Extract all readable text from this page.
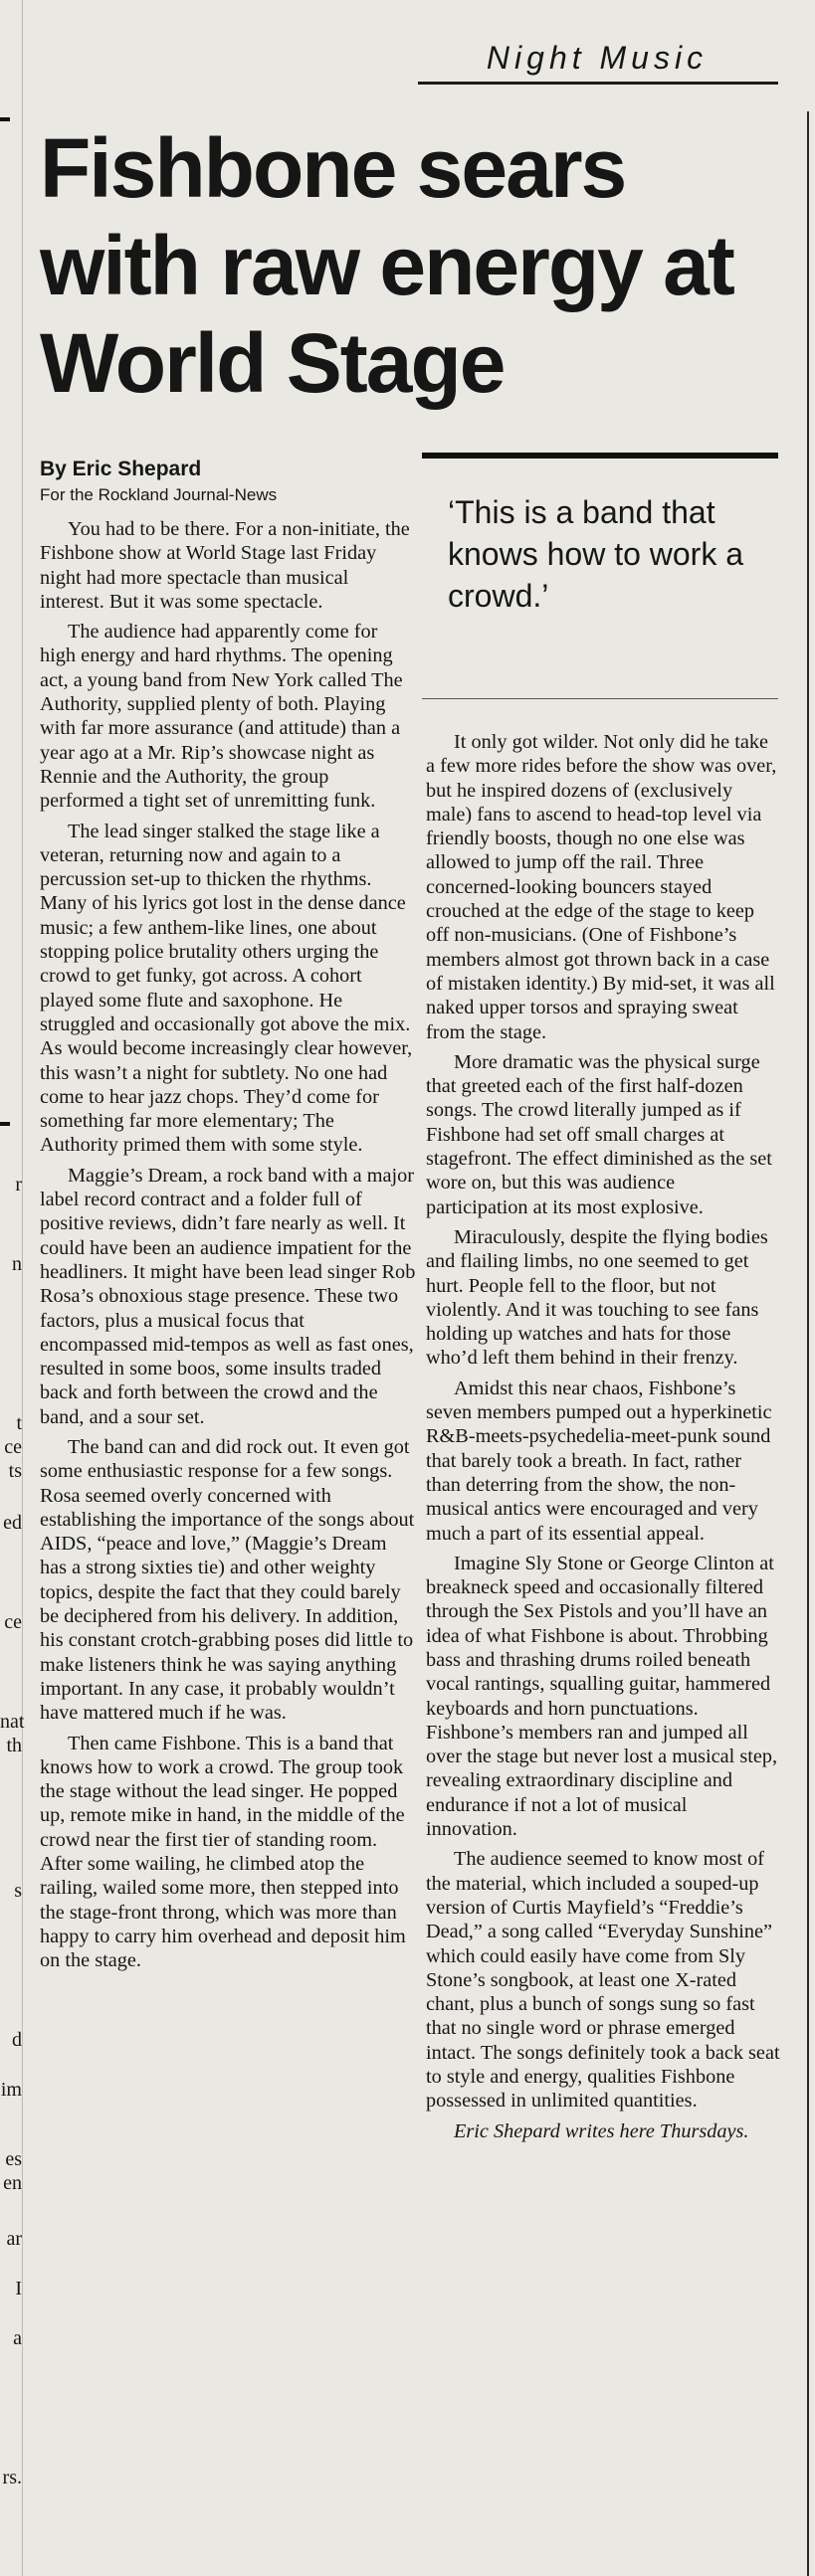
r
n
t
ce
ts
ed
ce
nat
th
s
d
im
es
en
ar
I
a
rs.
Night Music
Fishbone sears with raw energy at World Stage
By Eric Shepard
For the Rockland Journal-News	‘This is a band that knows how to work a crowd.’

You had to be there. For a non-initiate, the Fishbone show at World Stage last Friday night had more spectacle than musical interest. But it was some spectacle.

The audience had apparently come for high energy and hard rhythms. The opening act, a young band from New York called The Authority, supplied plenty of both. Playing with far more assurance (and attitude) than a year ago at a Mr. Rip’s showcase night as Rennie and the Authority, the group performed a tight set of unremitting funk.

The lead singer stalked the stage like a veteran, returning now and again to a percussion set-up to thicken the rhythms. Many of his lyrics got lost in the dense dance music; a few anthem-like lines, one about stopping police brutality others urging the crowd to get funky, got across. A cohort played some flute and saxophone. He struggled and occasionally got above the mix. As would become increasingly clear however, this wasn’t a night for subtlety. No one had come to hear jazz chops. They’d come for something far more elementary; The Authority primed them with some style.

Maggie’s Dream, a rock band with a major label record contract and a folder full of positive reviews, didn’t fare nearly as well. It could have been an audience impatient for the headliners. It might have been lead singer Rob Rosa’s obnoxious stage presence. These two factors, plus a musical focus that encompassed mid-tempos as well as fast ones, resulted in some boos, some insults traded back and forth between the crowd and the band, and a sour set.

The band can and did rock out. It even got some enthusiastic response for a few songs. Rosa seemed overly concerned with establishing the importance of the songs about AIDS, “peace and love,” (Maggie’s Dream has a strong sixties tie) and other weighty topics, despite the fact that they could barely be deciphered from his delivery. In addition, his constant crotch-grabbing poses did little to make listeners think he was saying anything important. In any case, it probably wouldn’t have mattered much if he was.

Then came Fishbone. This is a band that knows how to work a crowd. The group took the stage without the lead singer. He popped up, remote mike in hand, in the middle of the crowd near the first tier of standing room. After some wailing, he climbed atop the railing, wailed some more, then stepped into the stage-front throng, which was more than happy to carry him overhead and deposit him on the stage.

It only got wilder. Not only did he take a few more rides before the show was over, but he inspired dozens of (exclusively male) fans to ascend to head-top level via friendly boosts, though no one else was allowed to jump off the rail. Three concerned-looking bouncers stayed crouched at the edge of the stage to keep off non-musicians. (One of Fishbone’s members almost got thrown back in a case of mistaken identity.) By mid-set, it was all naked upper torsos and spraying sweat from the stage.

More dramatic was the physical surge that greeted each of the first half-dozen songs. The crowd literally jumped as if Fishbone had set off small charges at stagefront. The effect diminished as the set wore on, but this was audience participation at its most explosive.

Miraculously, despite the flying bodies and flailing limbs, no one seemed to get hurt. People fell to the floor, but not violently. And it was touching to see fans holding up watches and hats for those who’d left them behind in their frenzy.

Amidst this near chaos, Fishbone’s seven members pumped out a hyperkinetic R&B-meets-psychedelia-meet-punk sound that barely took a breath. In fact, rather than deterring from the show, the non-musical antics were encouraged and very much a part of its essential appeal.

Imagine Sly Stone or George Clinton at breakneck speed and occasionally filtered through the Sex Pistols and you’ll have an idea of what Fishbone is about. Throbbing bass and thrashing drums roiled beneath vocal rantings, squalling guitar, hammered keyboards and horn punctuations. Fishbone’s members ran and jumped all over the stage but never lost a musical step, revealing extraordinary discipline and endurance if not a lot of musical innovation.

The audience seemed to know most of the material, which included a souped-up version of Curtis Mayfield’s “Freddie’s Dead,” a song called “Everyday Sunshine” which could easily have come from Sly Stone’s songbook, at least one X-rated chant, plus a bunch of songs sung so fast that no single word or phrase emerged intact. The songs definitely took a back seat to style and energy, qualities Fishbone possessed in unlimited quantities.

Eric Shepard writes here Thursdays.
